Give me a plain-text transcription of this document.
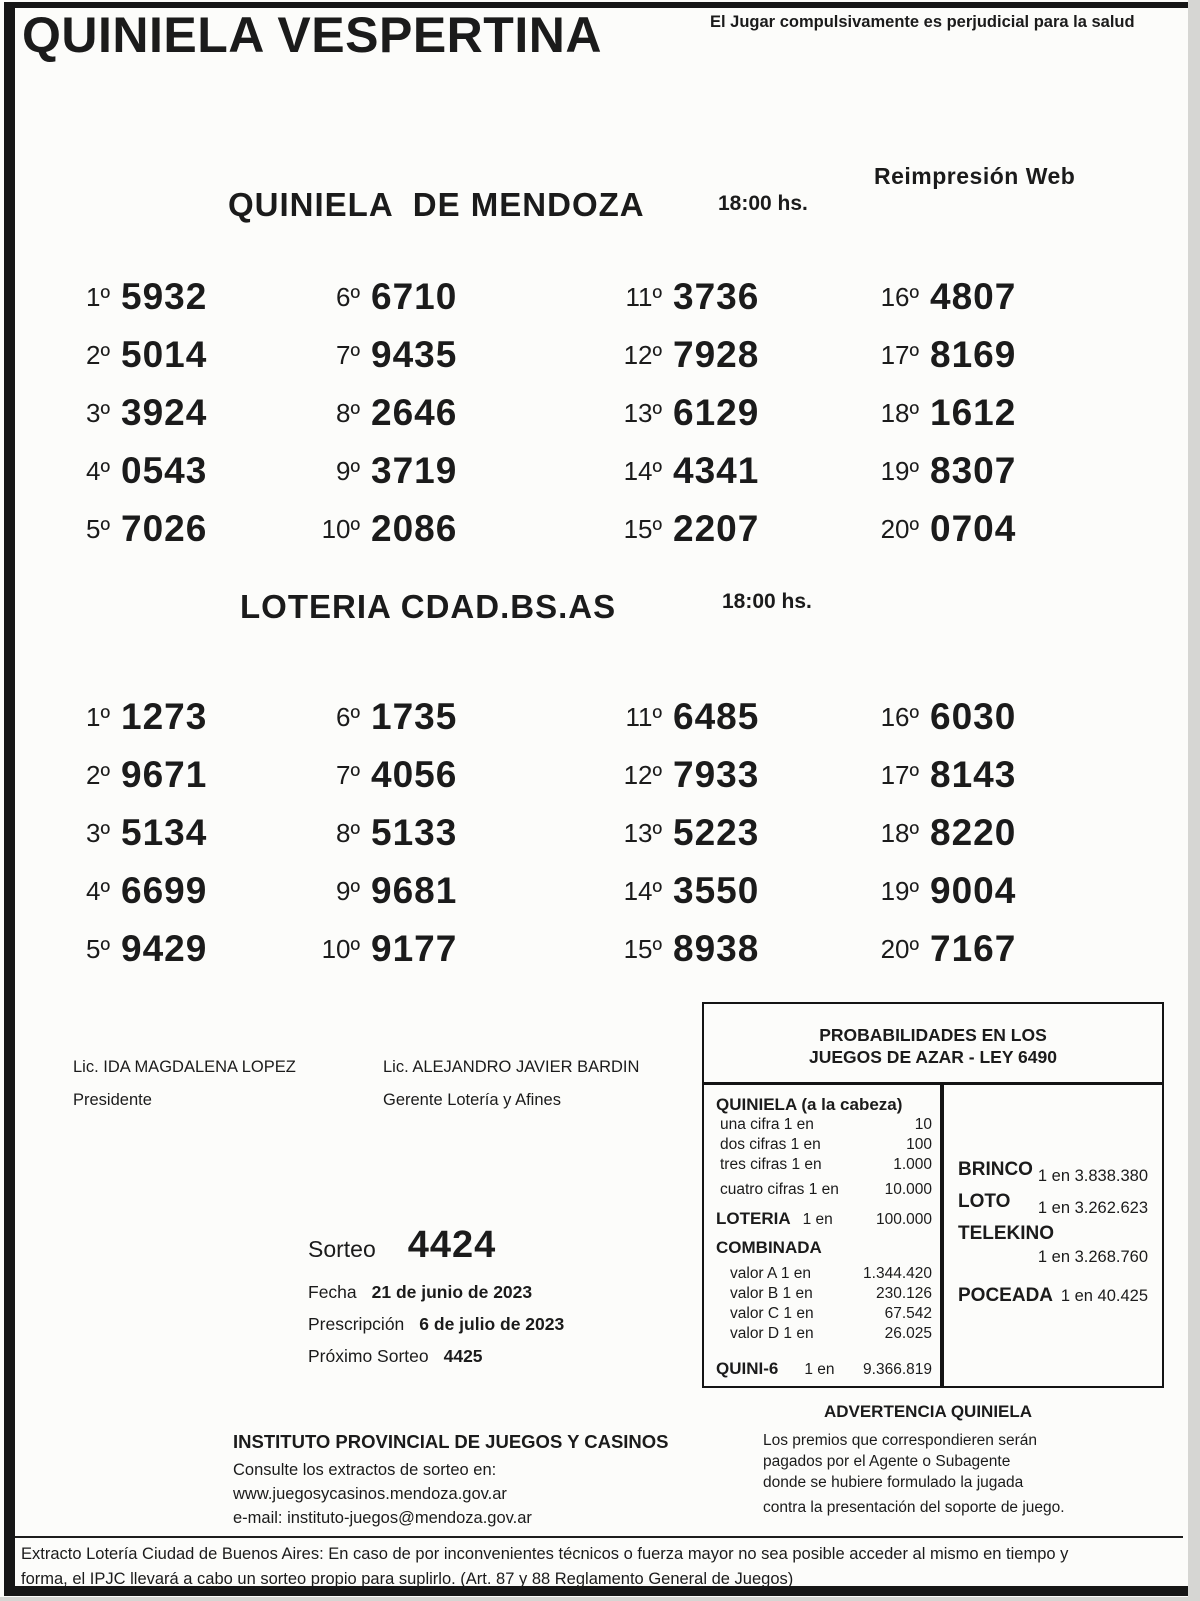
QUINIELA VESPERTINA	El Jugar compulsivamente es perjudicial para la salud
QUINIELA  DE MENDOZA	18:00 hs.
Reimpresión Web
1º 5932
2º 5014
3º 3924
4º 0543
5º 7026
6º 6710
7º 9435
8º 2646
9º 3719
10º 2086
11º 3736
12º 7928
13º 6129
14º 4341
15º 2207
16º 4807
17º 8169
18º 1612
19º 8307
20º 0704
LOTERIA CDAD.BS.AS	18:00 hs.
1º 1273
2º 9671
3º 5134
4º 6699
5º 9429
6º 1735
7º 4056
8º 5133
9º 9681
10º 9177
11º 6485
12º 7933
13º 5223
14º 3550
15º 8938
16º 6030
17º 8143
18º 8220
19º 9004
20º 7167
Lic. IDA MAGDALENA LOPEZ
Presidente
Lic. ALEJANDRO JAVIER BARDIN
Gerente Lotería y Afines
PROBABILIDADES EN LOS
JUEGOS DE AZAR - LEY 6490
QUINIELA (a la cabeza)
una cifra 1 en	10
dos cifras 1 en	100
tres cifras 1 en	1.000
cuatro cifras 1 en	10.000
LOTERIA 1 en	100.000
COMBINADA
valor A 1 en	1.344.420
valor B 1 en	230.126
valor C 1 en	67.542
valor D 1 en	26.025
QUINI-6 1 en	9.366.819
BRINCO 1 en 3.838.380
LOTO 1 en 3.262.623
TELEKINO
1 en 3.268.760
POCEADA 1 en 40.425
Sorteo 4424
Fecha 21 de junio de 2023
Prescripción 6 de julio de 2023
Próximo Sorteo 4425
INSTITUTO PROVINCIAL DE JUEGOS Y CASINOS
Consulte los extractos de sorteo en:
www.juegosycasinos.mendoza.gov.ar
e-mail: instituto-juegos@mendoza.gov.ar
ADVERTENCIA QUINIELA
Los premios que correspondieren serán
pagados por el Agente o Subagente
donde se hubiere formulado la jugada
contra la presentación del soporte de juego.
Extracto Lotería Ciudad de Buenos Aires: En caso de por inconvenientes técnicos o fuerza mayor no sea posible acceder al mismo en tiempo y
forma, el IPJC llevará a cabo un sorteo propio para suplirlo. (Art. 87 y 88 Reglamento General de Juegos)
